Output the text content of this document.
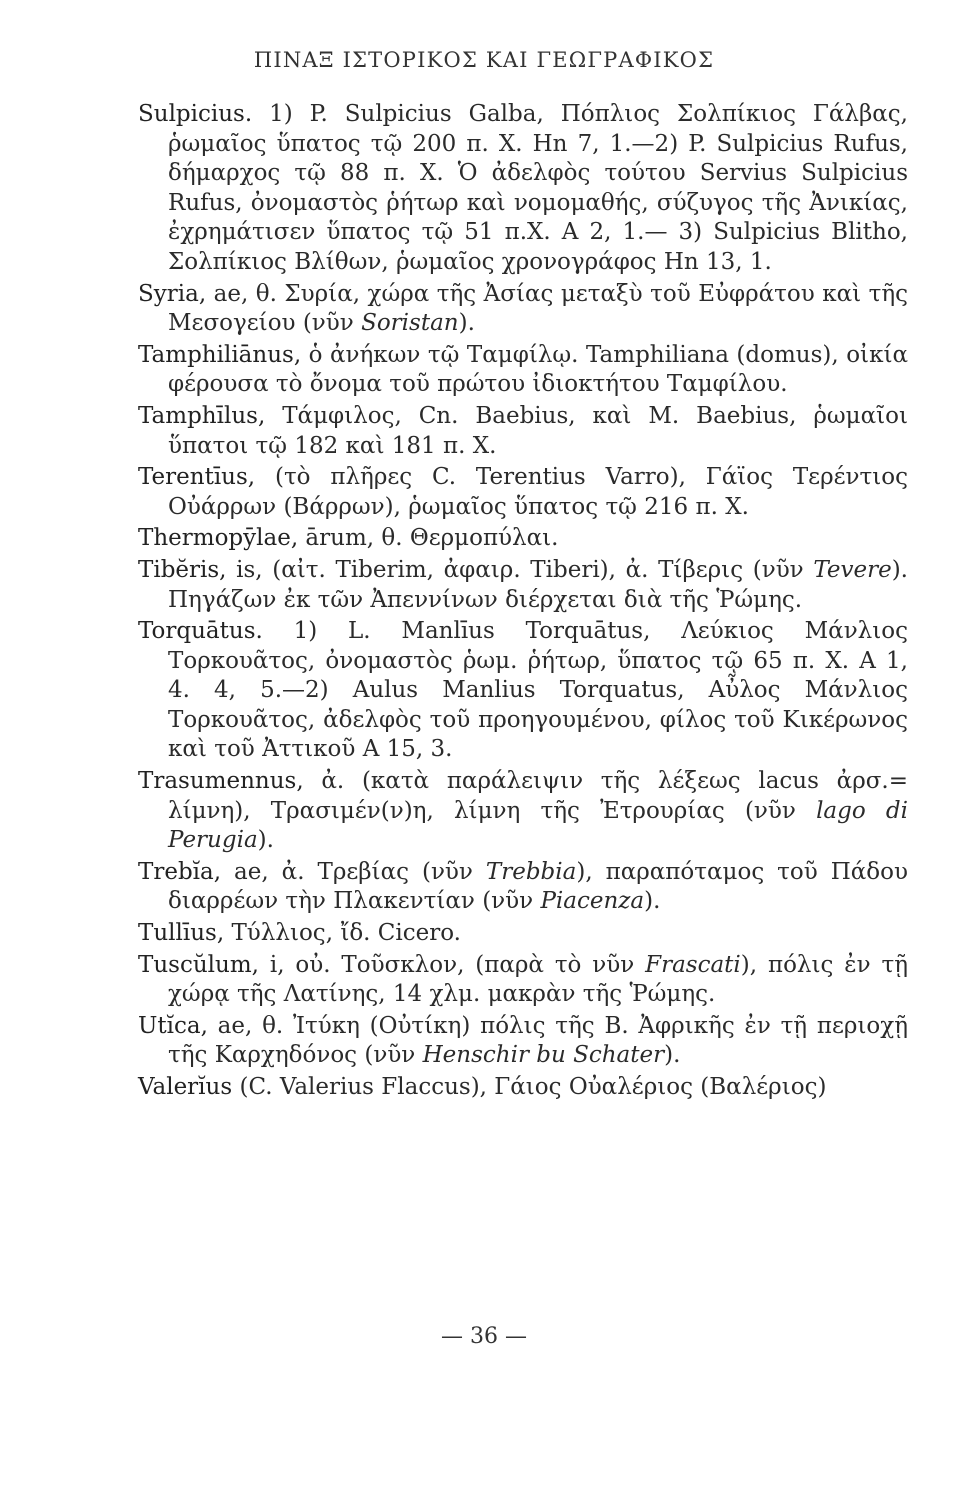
ΠΙΝΑΞ ΙΣΤΟΡΙΚΟΣ ΚΑΙ ΓΕΩΓΡΑΦΙΚΟΣ

Sulpicius. 1) P. Sulpicius Galba, Πόπλιος Σολπίκιος Γάλβας, ῥωμαῖος ὕπατος τῷ 200 π. Χ. Hn 7, 1.—2) P. Sulpicius Rufus, δήμαρχος τῷ 88 π. Χ. Ὁ ἀδελφὸς τούτου Servius Sulpicius Rufus, ὀνομαστὸς ῥήτωρ καὶ νομομαθής, σύζυγος τῆς Ἀνικίας, ἐχρημάτισεν ὕπατος τῷ 51 π.Χ. A 2, 1.— 3) Sulpicius Blitho, Σολπίκιος Βλίθων, ῥωμαῖος χρονογράφος Hn 13, 1.

Syria, ae, θ. Συρία, χώρα τῆς Ἀσίας μεταξὺ τοῦ Εὐφράτου καὶ τῆς Μεσογείου (νῦν Soristan).

Tamphiliānus, ὁ ἀνήκων τῷ Ταμφίλῳ. Tamphiliana (domus), οἰκία φέρουσα τὸ ὄνομα τοῦ πρώτου ἰδιοκτήτου Ταμφίλου.

Tamphīlus, Τάμφιλος, Cn. Baebius, καὶ M. Baebius, ῥωμαῖοι ὕπατοι τῷ 182 καὶ 181 π. Χ.

Terentīus, (τὸ πλῆρες C. Terentius Varro), Γάϊος Τερέντιος Οὐάρρων (Βάρρων), ῥωμαῖος ὕπατος τῷ 216 π. Χ.

Thermopȳlae, ārum, θ. Θερμοπύλαι.

Tibĕris, is, (αἰτ. Tiberim, ἀφαιρ. Tiberi), ἀ. Τίβερις (νῦν Tevere). Πηγάζων ἐκ τῶν Ἀπεννίνων διέρχεται διὰ τῆς Ῥώμης.

Torquātus. 1) L. Manlīus Torquātus, Λεύκιος Μάνλιος Τορκουᾶτος, ὀνομαστὸς ῥωμ. ῥήτωρ, ὕπατος τῷ 65 π. Χ. A 1, 4. 4, 5.—2) Aulus Manlius Torquatus, Αὖλος Μάνλιος Τορκουᾶτος, ἀδελφὸς τοῦ προηγουμένου, φίλος τοῦ Κικέρωνος καὶ τοῦ Ἀττικοῦ A 15, 3.

Trasumennus, ἀ. (κατὰ παράλειψιν τῆς λέξεως lacus ἀρσ.= λίμνη), Τρασιμέν(ν)η, λίμνη τῆς Ἐτρουρίας (νῦν lago di Perugia).

Trebĭa, ae, ἀ. Τρεβίας (νῦν Trebbia), παραπόταμος τοῦ Πάδου διαρρέων τὴν Πλακεντίαν (νῦν Piacenza).

Tullīus, Τύλλιος, ἴδ. Cicero.

Tuscŭlum, i, οὐ. Τοῦσκλον, (παρὰ τὸ νῦν Frascati), πόλις ἐν τῇ χώρᾳ τῆς Λατίνης, 14 χλμ. μακρὰν τῆς Ῥώμης.

Utĭca, ae, θ. Ἰτύκη (Οὐτίκη) πόλις τῆς Β. Ἀφρικῆς ἐν τῇ περιοχῇ τῆς Καρχηδόνος (νῦν Henschir bu Schater).

Valerĭus (C. Valerius Flaccus), Γάιος Οὐαλέριος (Βαλέριος)

— 36 —
